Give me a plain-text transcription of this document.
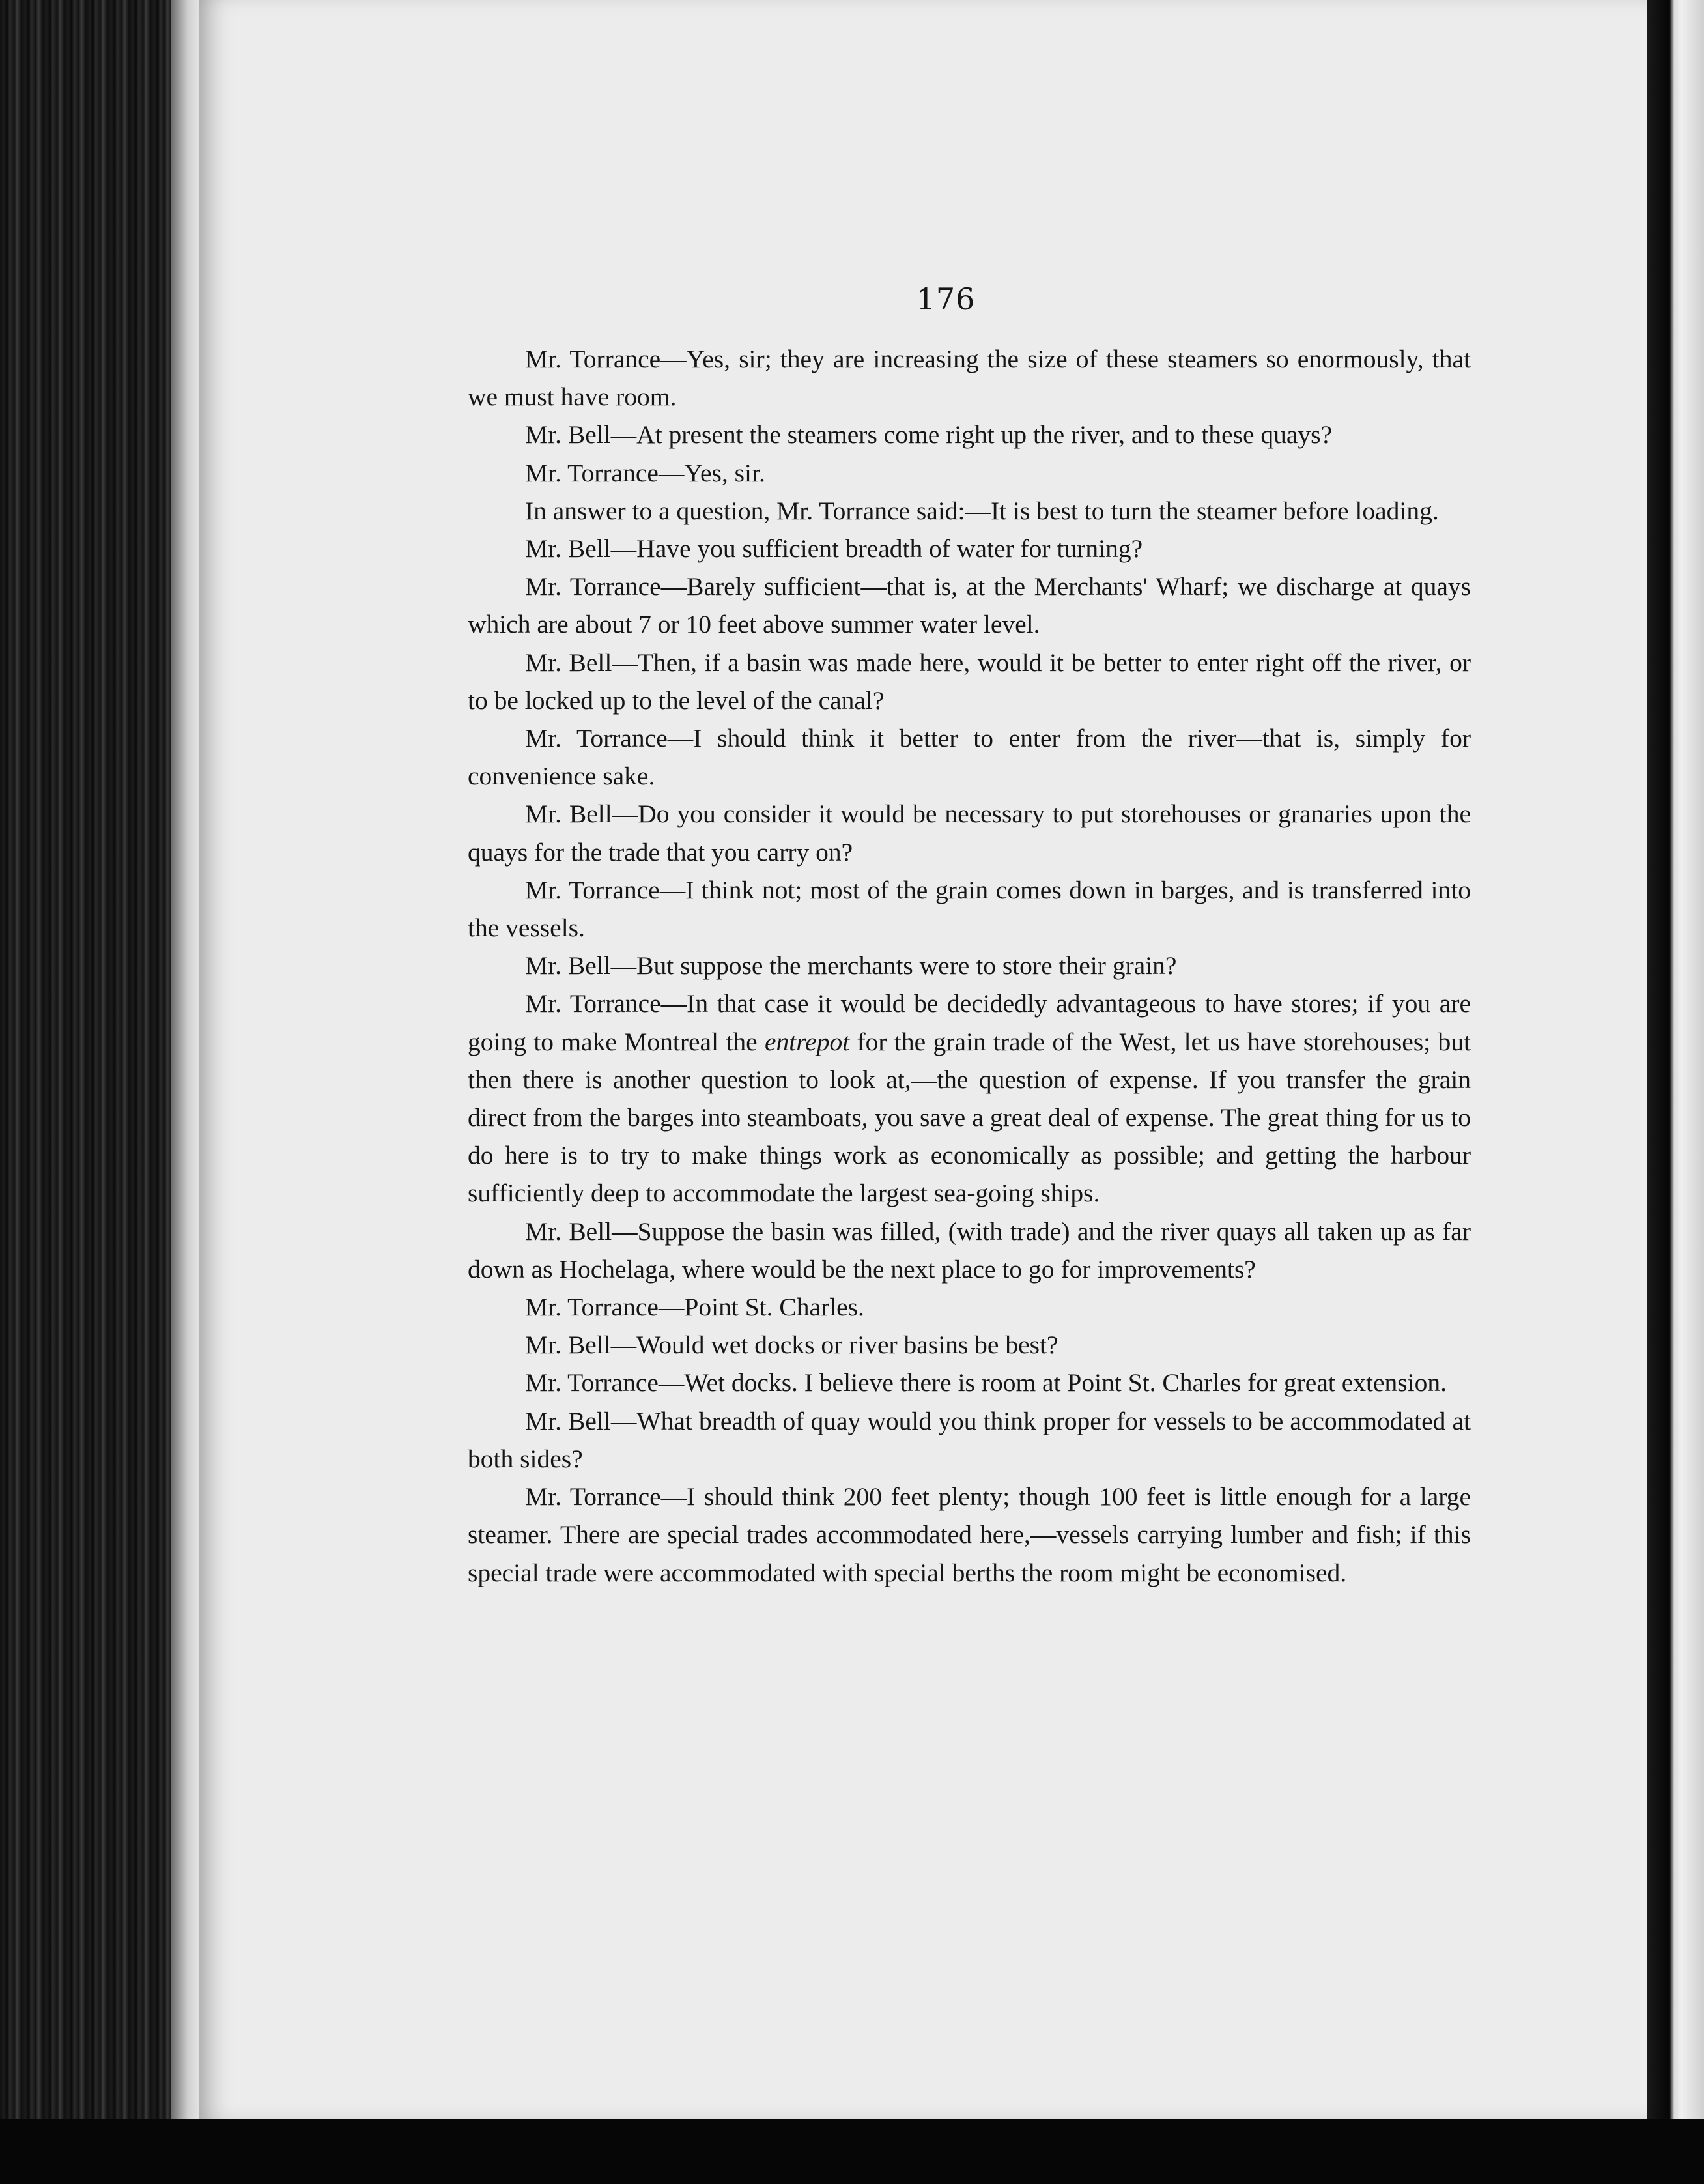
176

Mr. Torrance—Yes, sir; they are increasing the size of these steamers so enormously, that we must have room.

Mr. Bell—At present the steamers come right up the river, and to these quays?

Mr. Torrance—Yes, sir.

In answer to a question, Mr. Torrance said:—It is best to turn the steamer before loading.

Mr. Bell—Have you sufficient breadth of water for turning?

Mr. Torrance—Barely sufficient—that is, at the Merchants' Wharf; we discharge at quays which are about 7 or 10 feet above summer water level.

Mr. Bell—Then, if a basin was made here, would it be better to enter right off the river, or to be locked up to the level of the canal?

Mr. Torrance—I should think it better to enter from the river—that is, simply for convenience sake.

Mr. Bell—Do you consider it would be necessary to put storehouses or granaries upon the quays for the trade that you carry on?

Mr. Torrance—I think not; most of the grain comes down in barges, and is transferred into the vessels.

Mr. Bell—But suppose the merchants were to store their grain?

Mr. Torrance—In that case it would be decidedly advantageous to have stores; if you are going to make Montreal the entrepot for the grain trade of the West, let us have storehouses; but then there is another question to look at,—the question of expense. If you transfer the grain direct from the barges into steamboats, you save a great deal of expense. The great thing for us to do here is to try to make things work as economically as possible; and getting the harbour sufficiently deep to accommodate the largest sea-going ships.

Mr. Bell—Suppose the basin was filled, (with trade) and the river quays all taken up as far down as Hochelaga, where would be the next place to go for improvements?

Mr. Torrance—Point St. Charles.

Mr. Bell—Would wet docks or river basins be best?

Mr. Torrance—Wet docks. I believe there is room at Point St. Charles for great extension.

Mr. Bell—What breadth of quay would you think proper for vessels to be accommodated at both sides?

Mr. Torrance—I should think 200 feet plenty; though 100 feet is little enough for a large steamer. There are special trades accommodated here,—vessels carrying lumber and fish; if this special trade were accommodated with special berths the room might be economised.
